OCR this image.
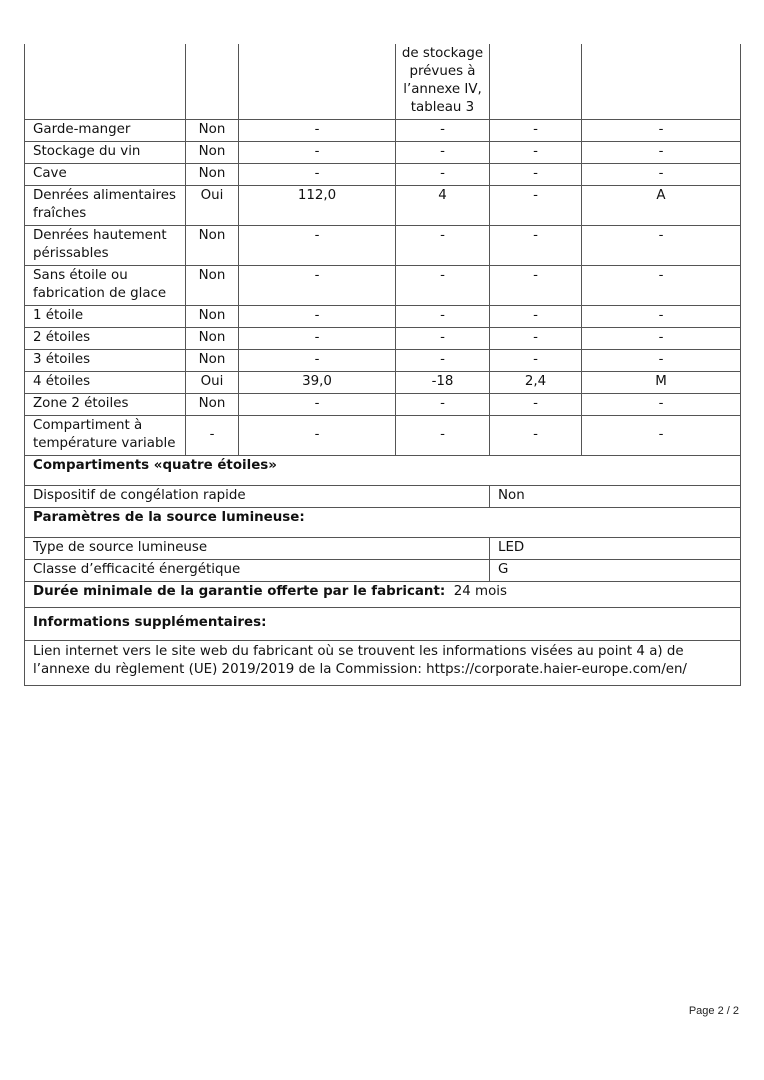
			de stockage prévues à l’annexe IV, tableau 3		
Garde-manger	Non	-	-	-	-
Stockage du vin	Non	-	-	-	-
Cave	Non	-	-	-	-
Denrées alimentaires fraîches	Oui	112,0	4	-	A
Denrées hautement périssables	Non	-	-	-	-
Sans étoile ou fabrication de glace	Non	-	-	-	-
1 étoile	Non	-	-	-	-
2 étoiles	Non	-	-	-	-
3 étoiles	Non	-	-	-	-
4 étoiles	Oui	39,0	-18	2,4	M
Zone 2 étoiles	Non	-	-	-	-
Compartiment à température variable	-	-	-	-	-
Compartiments «quatre étoiles»					
Dispositif de congélation rapide				Non	
Paramètres de la source lumineuse:					
Type de source lumineuse				LED	
Classe d’efficacité énergétique				G	
Durée minimale de la garantie offerte par le fabricant: 24 mois					
Informations supplémentaires:					
Lien internet vers le site web du fabricant où se trouvent les informations visées au point 4 a) de l’annexe du règlement (UE) 2019/2019 de la Commission: https://corporate.haier-europe.com/en/					
Page 2 / 2
